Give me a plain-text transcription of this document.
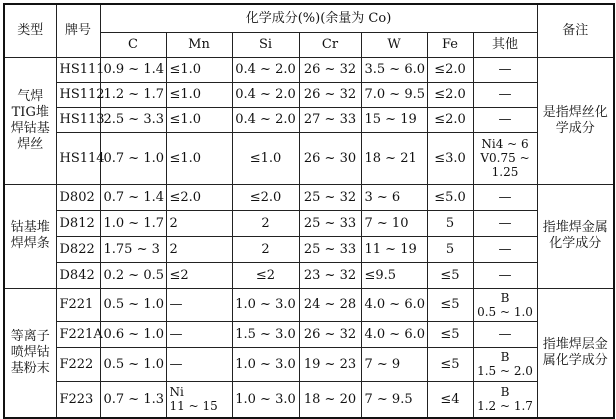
类型	牌号	化学成分(%)(余量为 Co)							备注
		C	Mn	Si	Cr	W	Fe	其他	
气焊TIG堆焊钴基焊丝	HS111	0.9 ~ 1.4	≤1.0	0.4 ~ 2.0	26 ~ 32	3.5 ~ 6.0	≤2.0	—	是指焊丝化学成分
	HS112	1.2 ~ 1.7	≤1.0	0.4 ~ 2.0	26 ~ 32	7.0 ~ 9.5	≤2.0	—	
	HS113	2.5 ~ 3.3	≤1.0	0.4 ~ 2.0	27 ~ 33	15 ~ 19	≤2.0	—	
	HS114	0.7 ~ 1.0	≤1.0	≤1.0	26 ~ 30	18 ~ 21	≤3.0	Ni4 ~ 6
V0.75 ~
1.25	
钴基堆焊焊条	D802	0.7 ~ 1.4	≤2.0	≤2.0	25 ~ 32	3 ~ 6	≤5.0	—	指堆焊金属化学成分
	D812	1.0 ~ 1.7	2	2	25 ~ 33	7 ~ 10	5	—	
	D822	1.75 ~ 3	2	2	25 ~ 33	11 ~ 19	5	—	
	D842	0.2 ~ 0.5	≤2	≤2	23 ~ 32	≤9.5	≤5	—	
等离子喷焊钴基粉末	F221	0.5 ~ 1.0	—	1.0 ~ 3.0	24 ~ 28	4.0 ~ 6.0	≤5	B
0.5 ~ 1.0	指堆焊层金属化学成分
	F221A	0.6 ~ 1.0	—	1.5 ~ 3.0	26 ~ 32	4.0 ~ 6.0	≤5	—	
	F222	0.5 ~ 1.0	—	1.0 ~ 3.0	19 ~ 23	7 ~ 9	≤5	B
1.5 ~ 2.0	
	F223	0.7 ~ 1.3	Ni
11 ~ 15	1.0 ~ 3.0	18 ~ 20	7 ~ 9.5	≤4	B
1.2 ~ 1.7	
